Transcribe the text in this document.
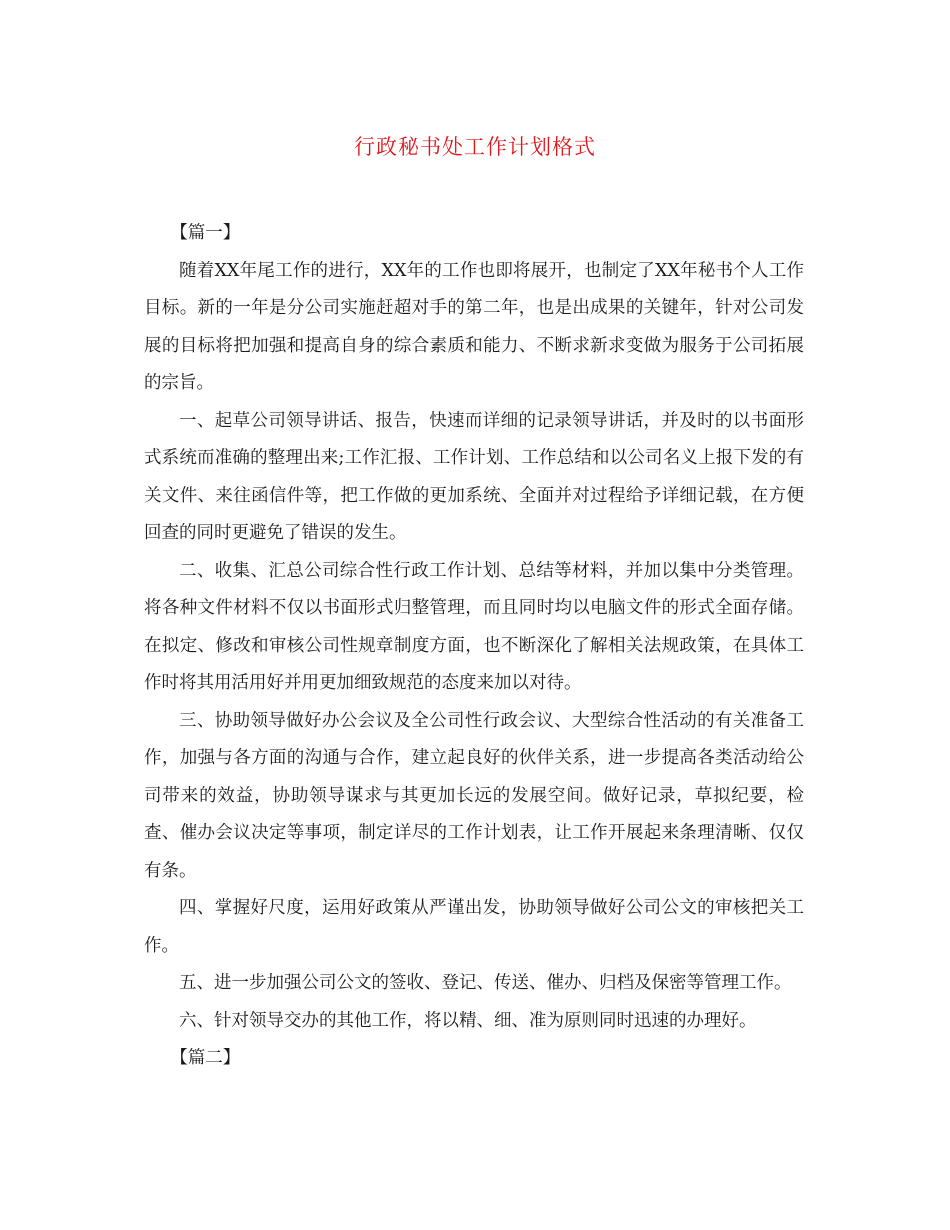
行政秘书处工作计划格式

【篇一】

随着XX年尾工作的进行，XX年的工作也即将展开，也制定了XX年秘书个人工作目标。新的一年是分公司实施赶超对手的第二年，也是出成果的关键年，针对公司发展的目标将把加强和提高自身的综合素质和能力、不断求新求变做为服务于公司拓展的宗旨。

一、起草公司领导讲话、报告，快速而详细的记录领导讲话，并及时的以书面形式系统而准确的整理出来;工作汇报、工作计划、工作总结和以公司名义上报下发的有关文件、来往函信件等，把工作做的更加系统、全面并对过程给予详细记载，在方便回查的同时更避免了错误的发生。

二、收集、汇总公司综合性行政工作计划、总结等材料，并加以集中分类管理。将各种文件材料不仅以书面形式归整管理，而且同时均以电脑文件的形式全面存储。在拟定、修改和审核公司性规章制度方面，也不断深化了解相关法规政策，在具体工作时将其用活用好并用更加细致规范的态度来加以对待。

三、协助领导做好办公会议及全公司性行政会议、大型综合性活动的有关准备工作，加强与各方面的沟通与合作，建立起良好的伙伴关系，进一步提高各类活动给公司带来的效益，协助领导谋求与其更加长远的发展空间。做好记录，草拟纪要，检查、催办会议决定等事项，制定详尽的工作计划表，让工作开展起来条理清晰、仅仅有条。

四、掌握好尺度，运用好政策从严谨出发，协助领导做好公司公文的审核把关工作。

五、进一步加强公司公文的签收、登记、传送、催办、归档及保密等管理工作。

六、针对领导交办的其他工作，将以精、细、准为原则同时迅速的办理好。

【篇二】
